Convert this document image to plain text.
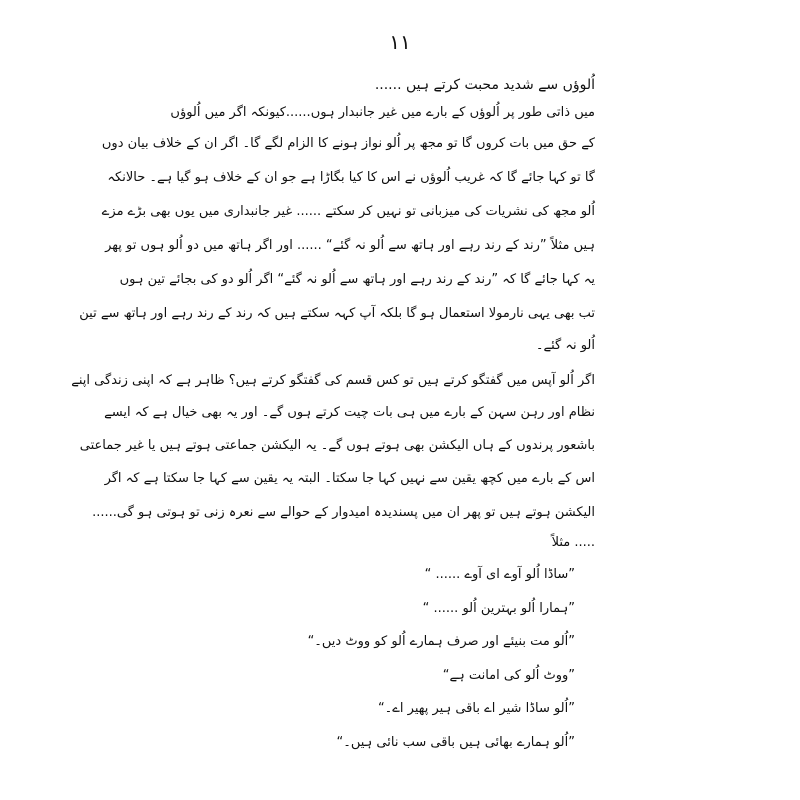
١١
اُلوؤں سے شدید محبت کرتے ہیں ......
میں ذاتی طور پر اُلوؤں کے بارے میں غیر جانبدار ہوں......کیونکہ اگر میں اُلوؤں
کے حق میں بات کروں گا تو مجھ پر اُلو نواز ہونے کا الزام لگے گا۔ اگر ان کے خلاف بیان دوں
گا تو کہا جائے گا کہ غریب اُلوؤں نے اس کا کیا بگاڑا ہے جو ان کے خلاف ہو گیا ہے۔ حالانکہ
اُلو مجھ کی نشریات کی میزبانی تو نہیں کر سکتے ...... غیر جانبداری میں یوں بھی بڑے مزے
ہیں مثلاً ”رند کے رند رہے اور ہاتھ سے اُلو نہ گئے“ ...... اور اگر ہاتھ میں دو اُلو ہوں تو پھر
یہ کہا جائے گا کہ ”رند کے رند رہے اور ہاتھ سے اُلو نہ گئے“ اگر اُلو دو کی بجائے تین ہوں
تب بھی یہی نارمولا استعمال ہو گا بلکہ آپ کہہ سکتے ہیں کہ رند کے رند رہے اور ہاتھ سے تین
اُلو نہ گئے۔
اگر اُلو آپس میں گفتگو کرتے ہیں تو کس قسم کی گفتگو کرتے ہیں؟ ظاہر ہے کہ اپنی زندگی اپنے
نظام اور رہن سہن کے بارے میں ہی بات چیت کرتے ہوں گے۔ اور یہ بھی خیال ہے کہ ایسے
باشعور پرندوں کے ہاں الیکشن بھی ہوتے ہوں گے۔ یہ الیکشن جماعتی ہوتے ہیں یا غیر جماعتی
اس کے بارے میں کچھ یقین سے نہیں کہا جا سکتا۔ البتہ یہ یقین سے کہا جا سکتا ہے کہ اگر
الیکشن ہوتے ہیں تو پھر ان میں پسندیدہ امیدوار کے حوالے سے نعرہ زنی تو ہوتی ہو گی......
..... مثلاً
”ساڈا اُلو آوے ای آوے ...... “
”ہمارا اُلو بہترین اُلو ...... “
”اُلو مت بنیئے اور صرف ہمارے اُلو کو ووٹ دیں۔“
”ووٹ اُلو کی امانت ہے“
”اُلو ساڈا شیر اے باقی ہیر پھیر اے۔“
”اُلو ہمارے بھائی ہیں باقی سب نائی ہیں۔“
